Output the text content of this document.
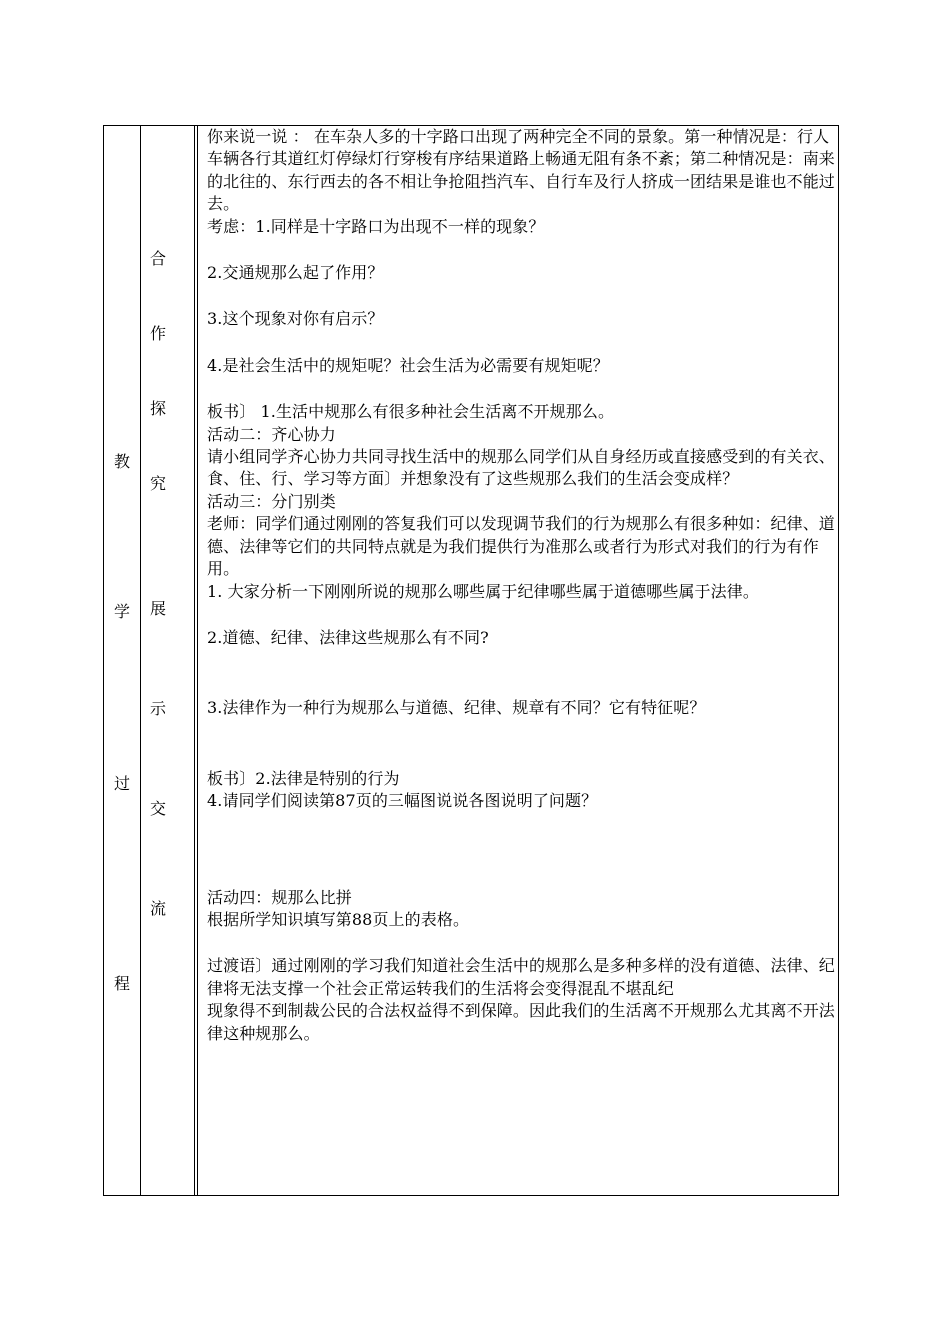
教
学
过
程
合
作
探
究
展
示
交
流

你来说一说 ： 在车杂人多的十字路口出现了两种完全不同的景象。第一种情况是：行人车辆各行其道红灯停绿灯行穿梭有序结果道路上畅通无阻有条不紊；第二种情况是：南来的北往的、东行西去的各不相让争抢阻挡汽车、自行车及行人挤成一团结果是谁也不能过去。

考虑：1.同样是十字路口为出现不一样的现象？

2.交通规那么起了作用？

3.这个现象对你有启示？

4.是社会生活中的规矩呢？社会生活为必需要有规矩呢？

板书〕 1.生活中规那么有很多种社会生活离不开规那么。

活动二：齐心协力

请小组同学齐心协力共同寻找生活中的规那么同学们从自身经历或直接感受到的有关衣、食、住、行、学习等方面〕并想象没有了这些规那么我们的生活会变成样？

活动三：分门别类

老师：同学们通过刚刚的答复我们可以发现调节我们的行为规那么有很多种如：纪律、道德、法律等它们的共同特点就是为我们提供行为准那么或者行为形式对我们的行为有作用。

1. 大家分析一下刚刚所说的规那么哪些属于纪律哪些属于道德哪些属于法律。

2.道德、纪律、法律这些规那么有不同?

3.法律作为一种行为规那么与道德、纪律、规章有不同？它有特征呢？

板书〕2.法律是特别的行为

4.请同学们阅读第87页的三幅图说说各图说明了问题？

活动四：规那么比拼

根据所学知识填写第88页上的表格。

过渡语〕通过刚刚的学习我们知道社会生活中的规那么是多种多样的没有道德、法律、纪律将无法支撑一个社会正常运转我们的生活将会变得混乱不堪乱纪

现象得不到制裁公民的合法权益得不到保障。因此我们的生活离不开规那么尤其离不开法律这种规那么。
